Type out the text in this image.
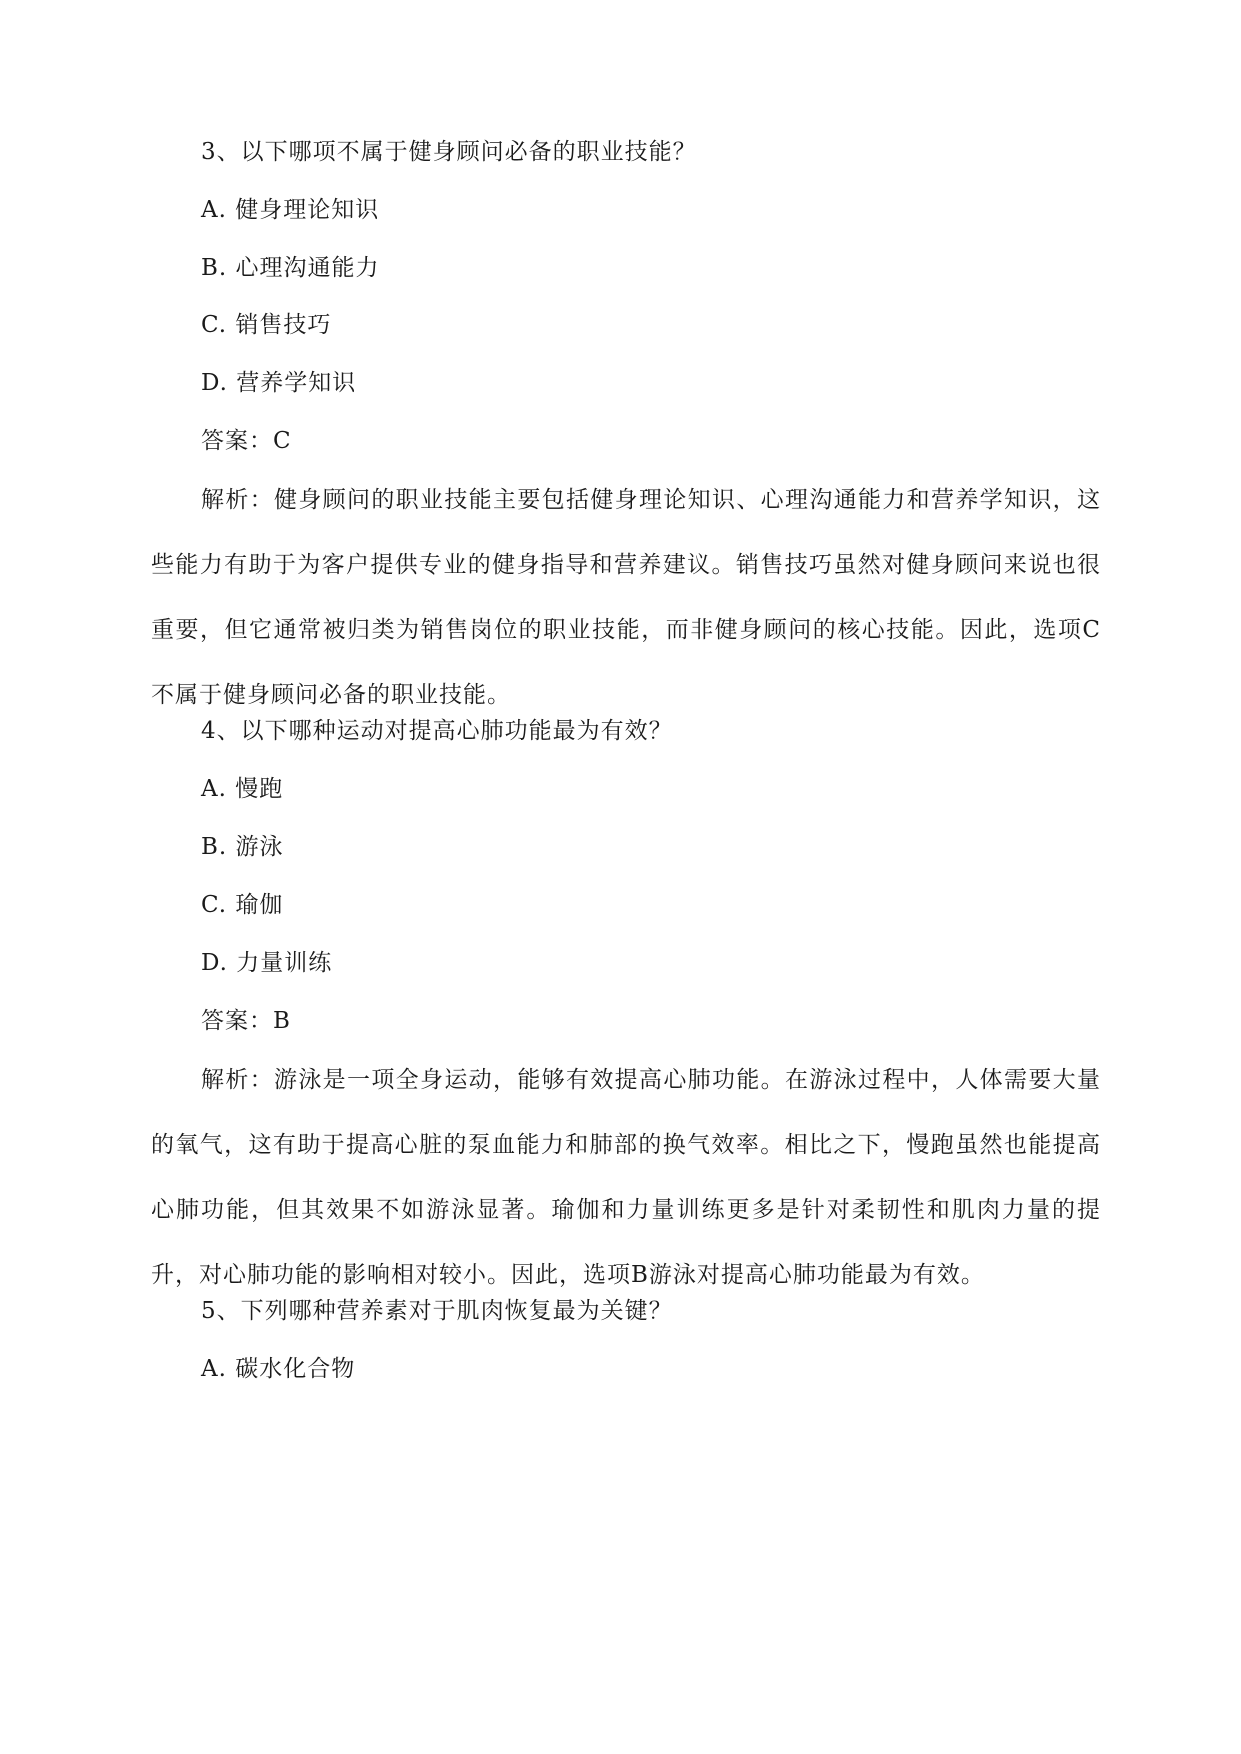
3、以下哪项不属于健身顾问必备的职业技能？
A. 健身理论知识
B. 心理沟通能力
C. 销售技巧
D. 营养学知识
答案：C
解析：健身顾问的职业技能主要包括健身理论知识、心理沟通能力和营养学知识，这些能力有助于为客户提供专业的健身指导和营养建议。销售技巧虽然对健身顾问来说也很重要，但它通常被归类为销售岗位的职业技能，而非健身顾问的核心技能。因此，选项C不属于健身顾问必备的职业技能。
4、以下哪种运动对提高心肺功能最为有效？
A. 慢跑
B. 游泳
C. 瑜伽
D. 力量训练
答案：B
解析：游泳是一项全身运动，能够有效提高心肺功能。在游泳过程中，人体需要大量的氧气，这有助于提高心脏的泵血能力和肺部的换气效率。相比之下，慢跑虽然也能提高心肺功能，但其效果不如游泳显著。瑜伽和力量训练更多是针对柔韧性和肌肉力量的提升，对心肺功能的影响相对较小。因此，选项B游泳对提高心肺功能最为有效。
5、下列哪种营养素对于肌肉恢复最为关键？
A. 碳水化合物
